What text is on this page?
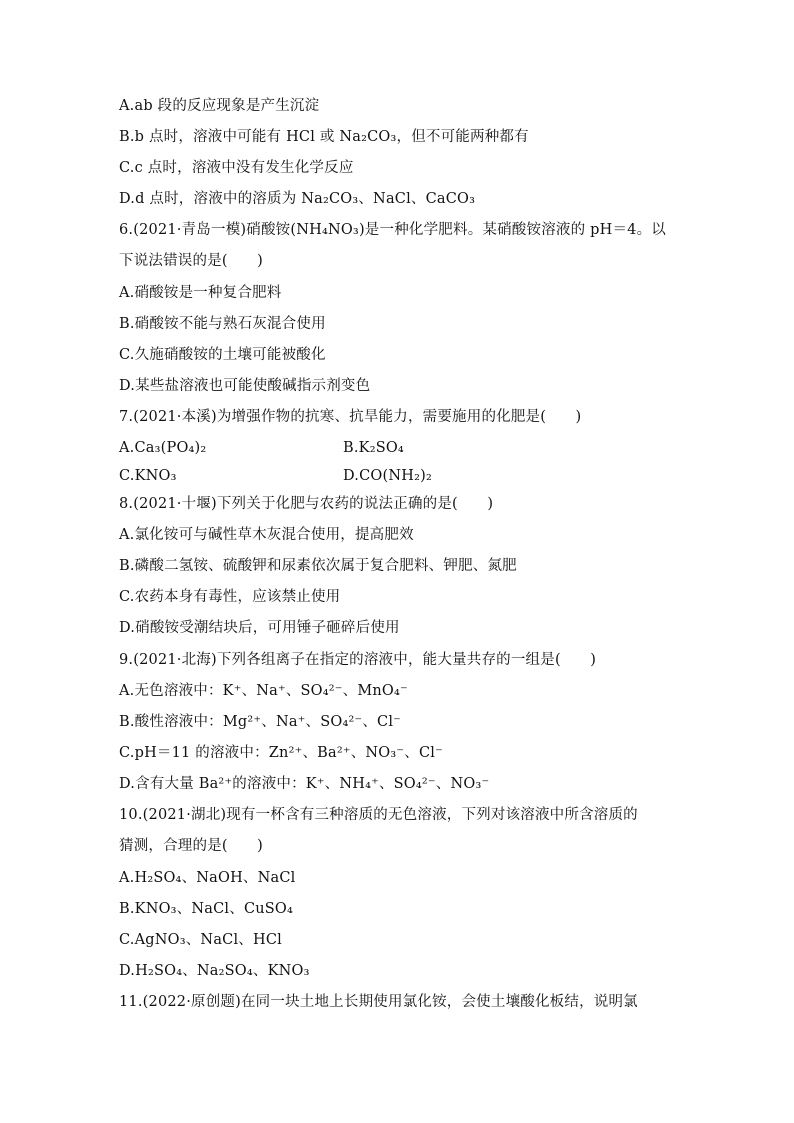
A.ab 段的反应现象是产生沉淀
B.b 点时，溶液中可能有 HCl 或 Na₂CO₃，但不可能两种都有
C.c 点时，溶液中没有发生化学反应
D.d 点时，溶液中的溶质为 Na₂CO₃、NaCl、CaCO₃
6.(2021·青岛一模)硝酸铵(NH₄NO₃)是一种化学肥料。某硝酸铵溶液的 pH＝4。以
下说法错误的是(　　)
A.硝酸铵是一种复合肥料
B.硝酸铵不能与熟石灰混合使用
C.久施硝酸铵的土壤可能被酸化
D.某些盐溶液也可能使酸碱指示剂变色
7.(2021·本溪)为增强作物的抗寒、抗旱能力，需要施用的化肥是(　　)
A.Ca₃(PO₄)₂	B.K₂SO₄
C.KNO₃	D.CO(NH₂)₂
8.(2021·十堰)下列关于化肥与农药的说法正确的是(　　)
A.氯化铵可与碱性草木灰混合使用，提高肥效
B.磷酸二氢铵、硫酸钾和尿素依次属于复合肥料、钾肥、氮肥
C.农药本身有毒性，应该禁止使用
D.硝酸铵受潮结块后，可用锤子砸碎后使用
9.(2021·北海)下列各组离子在指定的溶液中，能大量共存的一组是(　　)
A.无色溶液中：K⁺、Na⁺、SO₄²⁻、MnO₄⁻
B.酸性溶液中：Mg²⁺、Na⁺、SO₄²⁻、Cl⁻
C.pH＝11 的溶液中：Zn²⁺、Ba²⁺、NO₃⁻、Cl⁻
D.含有大量 Ba²⁺的溶液中：K⁺、NH₄⁺、SO₄²⁻、NO₃⁻
10.(2021·湖北)现有一杯含有三种溶质的无色溶液，下列对该溶液中所含溶质的
猜测，合理的是(　　)
A.H₂SO₄、NaOH、NaCl
B.KNO₃、NaCl、CuSO₄
C.AgNO₃、NaCl、HCl
D.H₂SO₄、Na₂SO₄、KNO₃
11.(2022·原创题)在同一块土地上长期使用氯化铵，会使土壤酸化板结，说明氯
